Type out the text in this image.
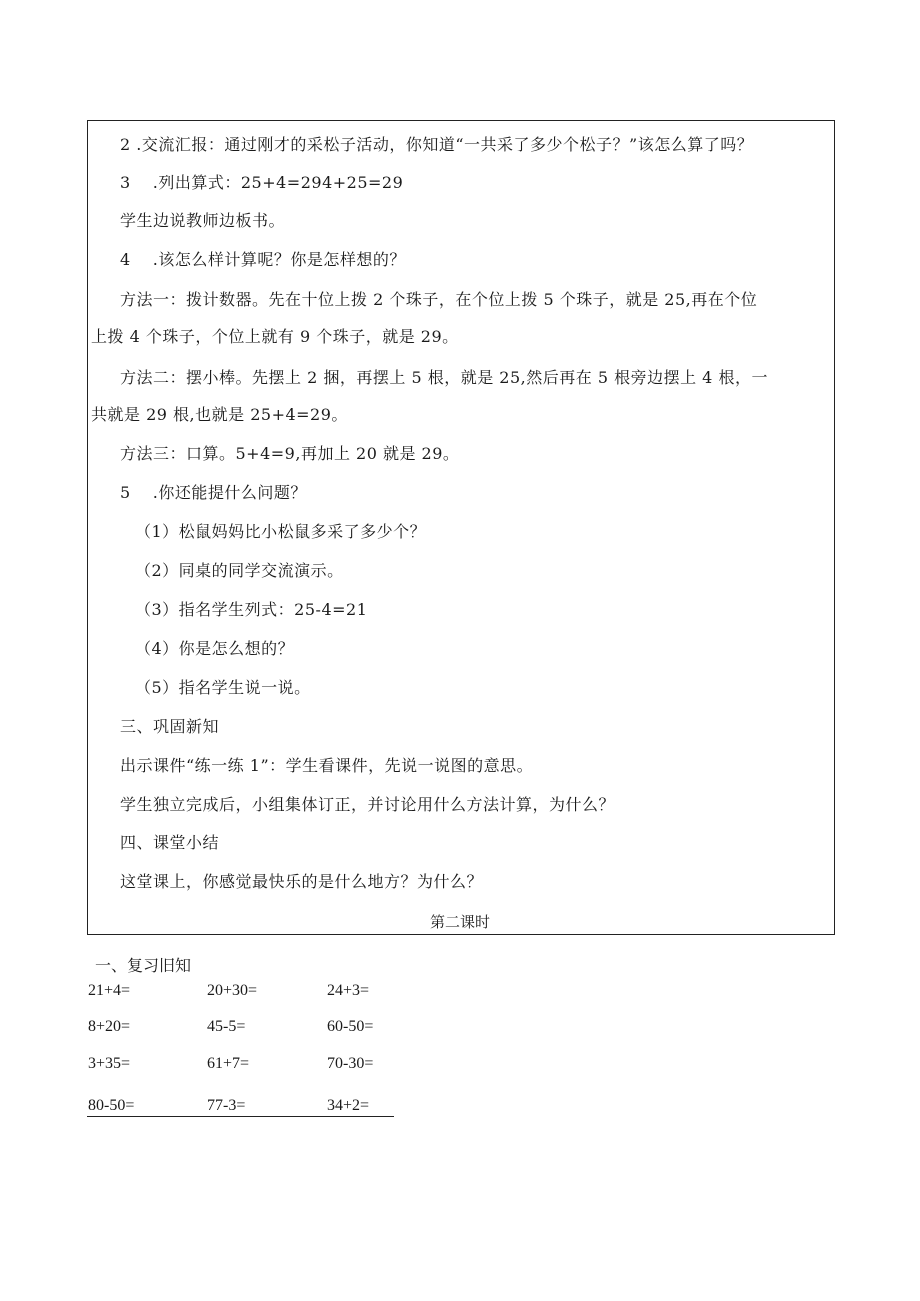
2 .交流汇报：通过刚才的采松子活动，你知道“一共采了多少个松子？”该怎么算了吗？
3　 .列出算式：25+4=294+25=29
学生边说教师边板书。
4　 .该怎么样计算呢？你是怎样想的？
方法一：拨计数器。先在十位上拨 2 个珠子，在个位上拨 5 个珠子，就是 25,再在个位
上拨 4 个珠子，个位上就有 9 个珠子，就是 29。
方法二：摆小棒。先摆上 2 捆，再摆上 5 根，就是 25,然后再在 5 根旁边摆上 4 根，一
共就是 29 根,也就是 25+4=29。
方法三：口算。5+4=9,再加上 20 就是 29。
5　 .你还能提什么问题？
（1）松鼠妈妈比小松鼠多采了多少个？
（2）同桌的同学交流演示。
（3）指名学生列式：25-4=21
（4）你是怎么想的？
（5）指名学生说一说。
三、巩固新知
出示课件“练一练 1”：学生看课件，先说一说图的意思。
学生独立完成后，小组集体订正，并讨论用什么方法计算，为什么？
四、课堂小结
这堂课上，你感觉最快乐的是什么地方？为什么？
第二课时
一、复习旧知
21+4=	20+30=	24+3=
8+20=	45-5=	60-50=
3+35=	61+7=	70-30=
80-50=	77-3=	34+2=
